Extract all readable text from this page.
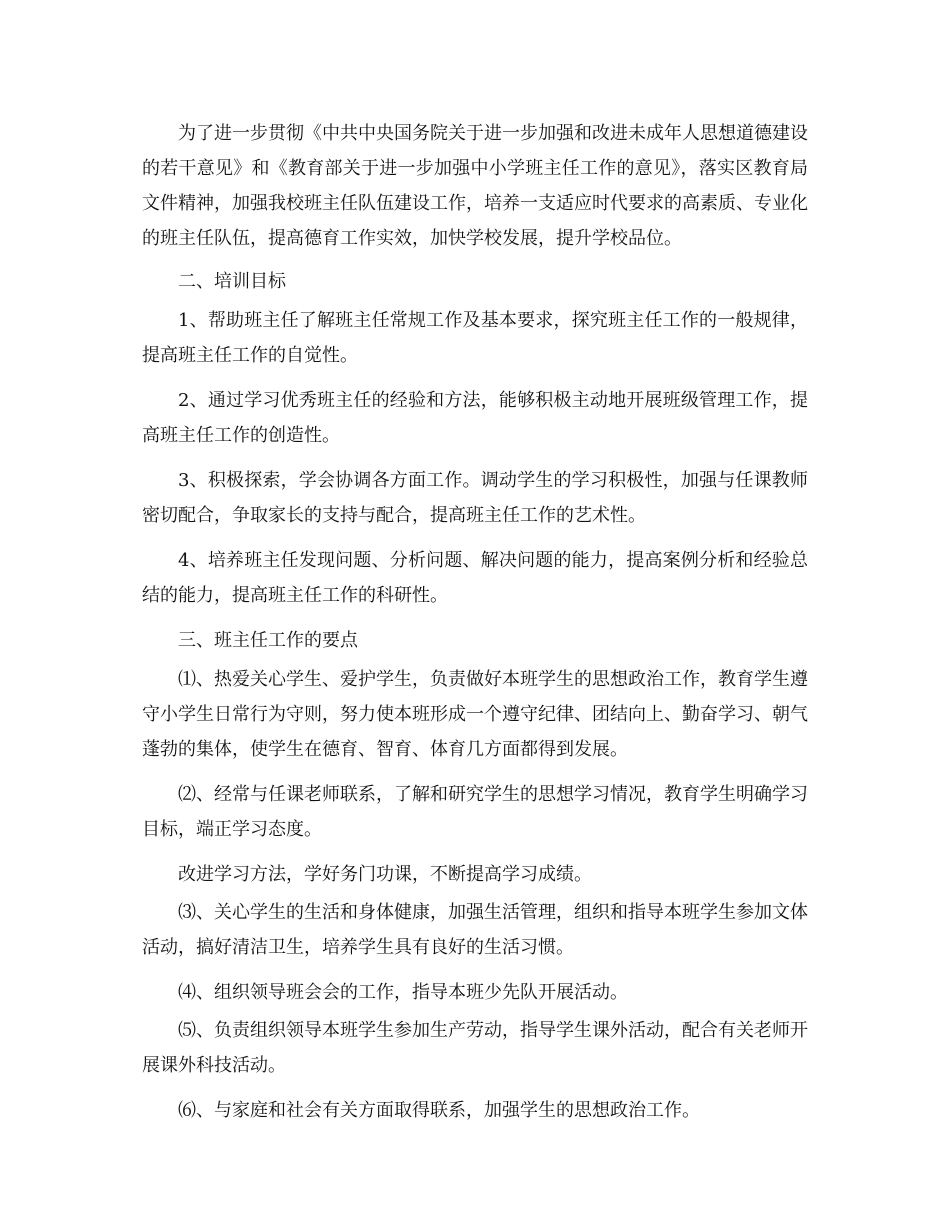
为了进一步贯彻《中共中央国务院关于进一步加强和改进未成年人思想道德建设的若干意见》和《教育部关于进一步加强中小学班主任工作的意见》，落实区教育局文件精神，加强我校班主任队伍建设工作，培养一支适应时代要求的高素质、专业化的班主任队伍，提高德育工作实效，加快学校发展，提升学校品位。

二、培训目标

1、帮助班主任了解班主任常规工作及基本要求，探究班主任工作的一般规律，提高班主任工作的自觉性。

2、通过学习优秀班主任的经验和方法，能够积极主动地开展班级管理工作，提高班主任工作的创造性。

3、积极探索，学会协调各方面工作。调动学生的学习积极性，加强与任课教师密切配合，争取家长的支持与配合，提高班主任工作的艺术性。

4、培养班主任发现问题、分析问题、解决问题的能力，提高案例分析和经验总结的能力，提高班主任工作的科研性。

三、班主任工作的要点

⑴、热爱关心学生、爱护学生，负责做好本班学生的思想政治工作，教育学生遵守小学生日常行为守则，努力使本班形成一个遵守纪律、团结向上、勤奋学习、朝气蓬勃的集体，使学生在德育、智育、体育几方面都得到发展。

⑵、经常与任课老师联系，了解和研究学生的思想学习情况，教育学生明确学习目标，端正学习态度。

改进学习方法，学好务门功课，不断提高学习成绩。

⑶、关心学生的生活和身体健康，加强生活管理，组织和指导本班学生参加文体活动，搞好清洁卫生，培养学生具有良好的生活习惯。

⑷、组织领导班会会的工作，指导本班少先队开展活动。

⑸、负责组织领导本班学生参加生产劳动，指导学生课外活动，配合有关老师开展课外科技活动。

⑹、与家庭和社会有关方面取得联系，加强学生的思想政治工作。
